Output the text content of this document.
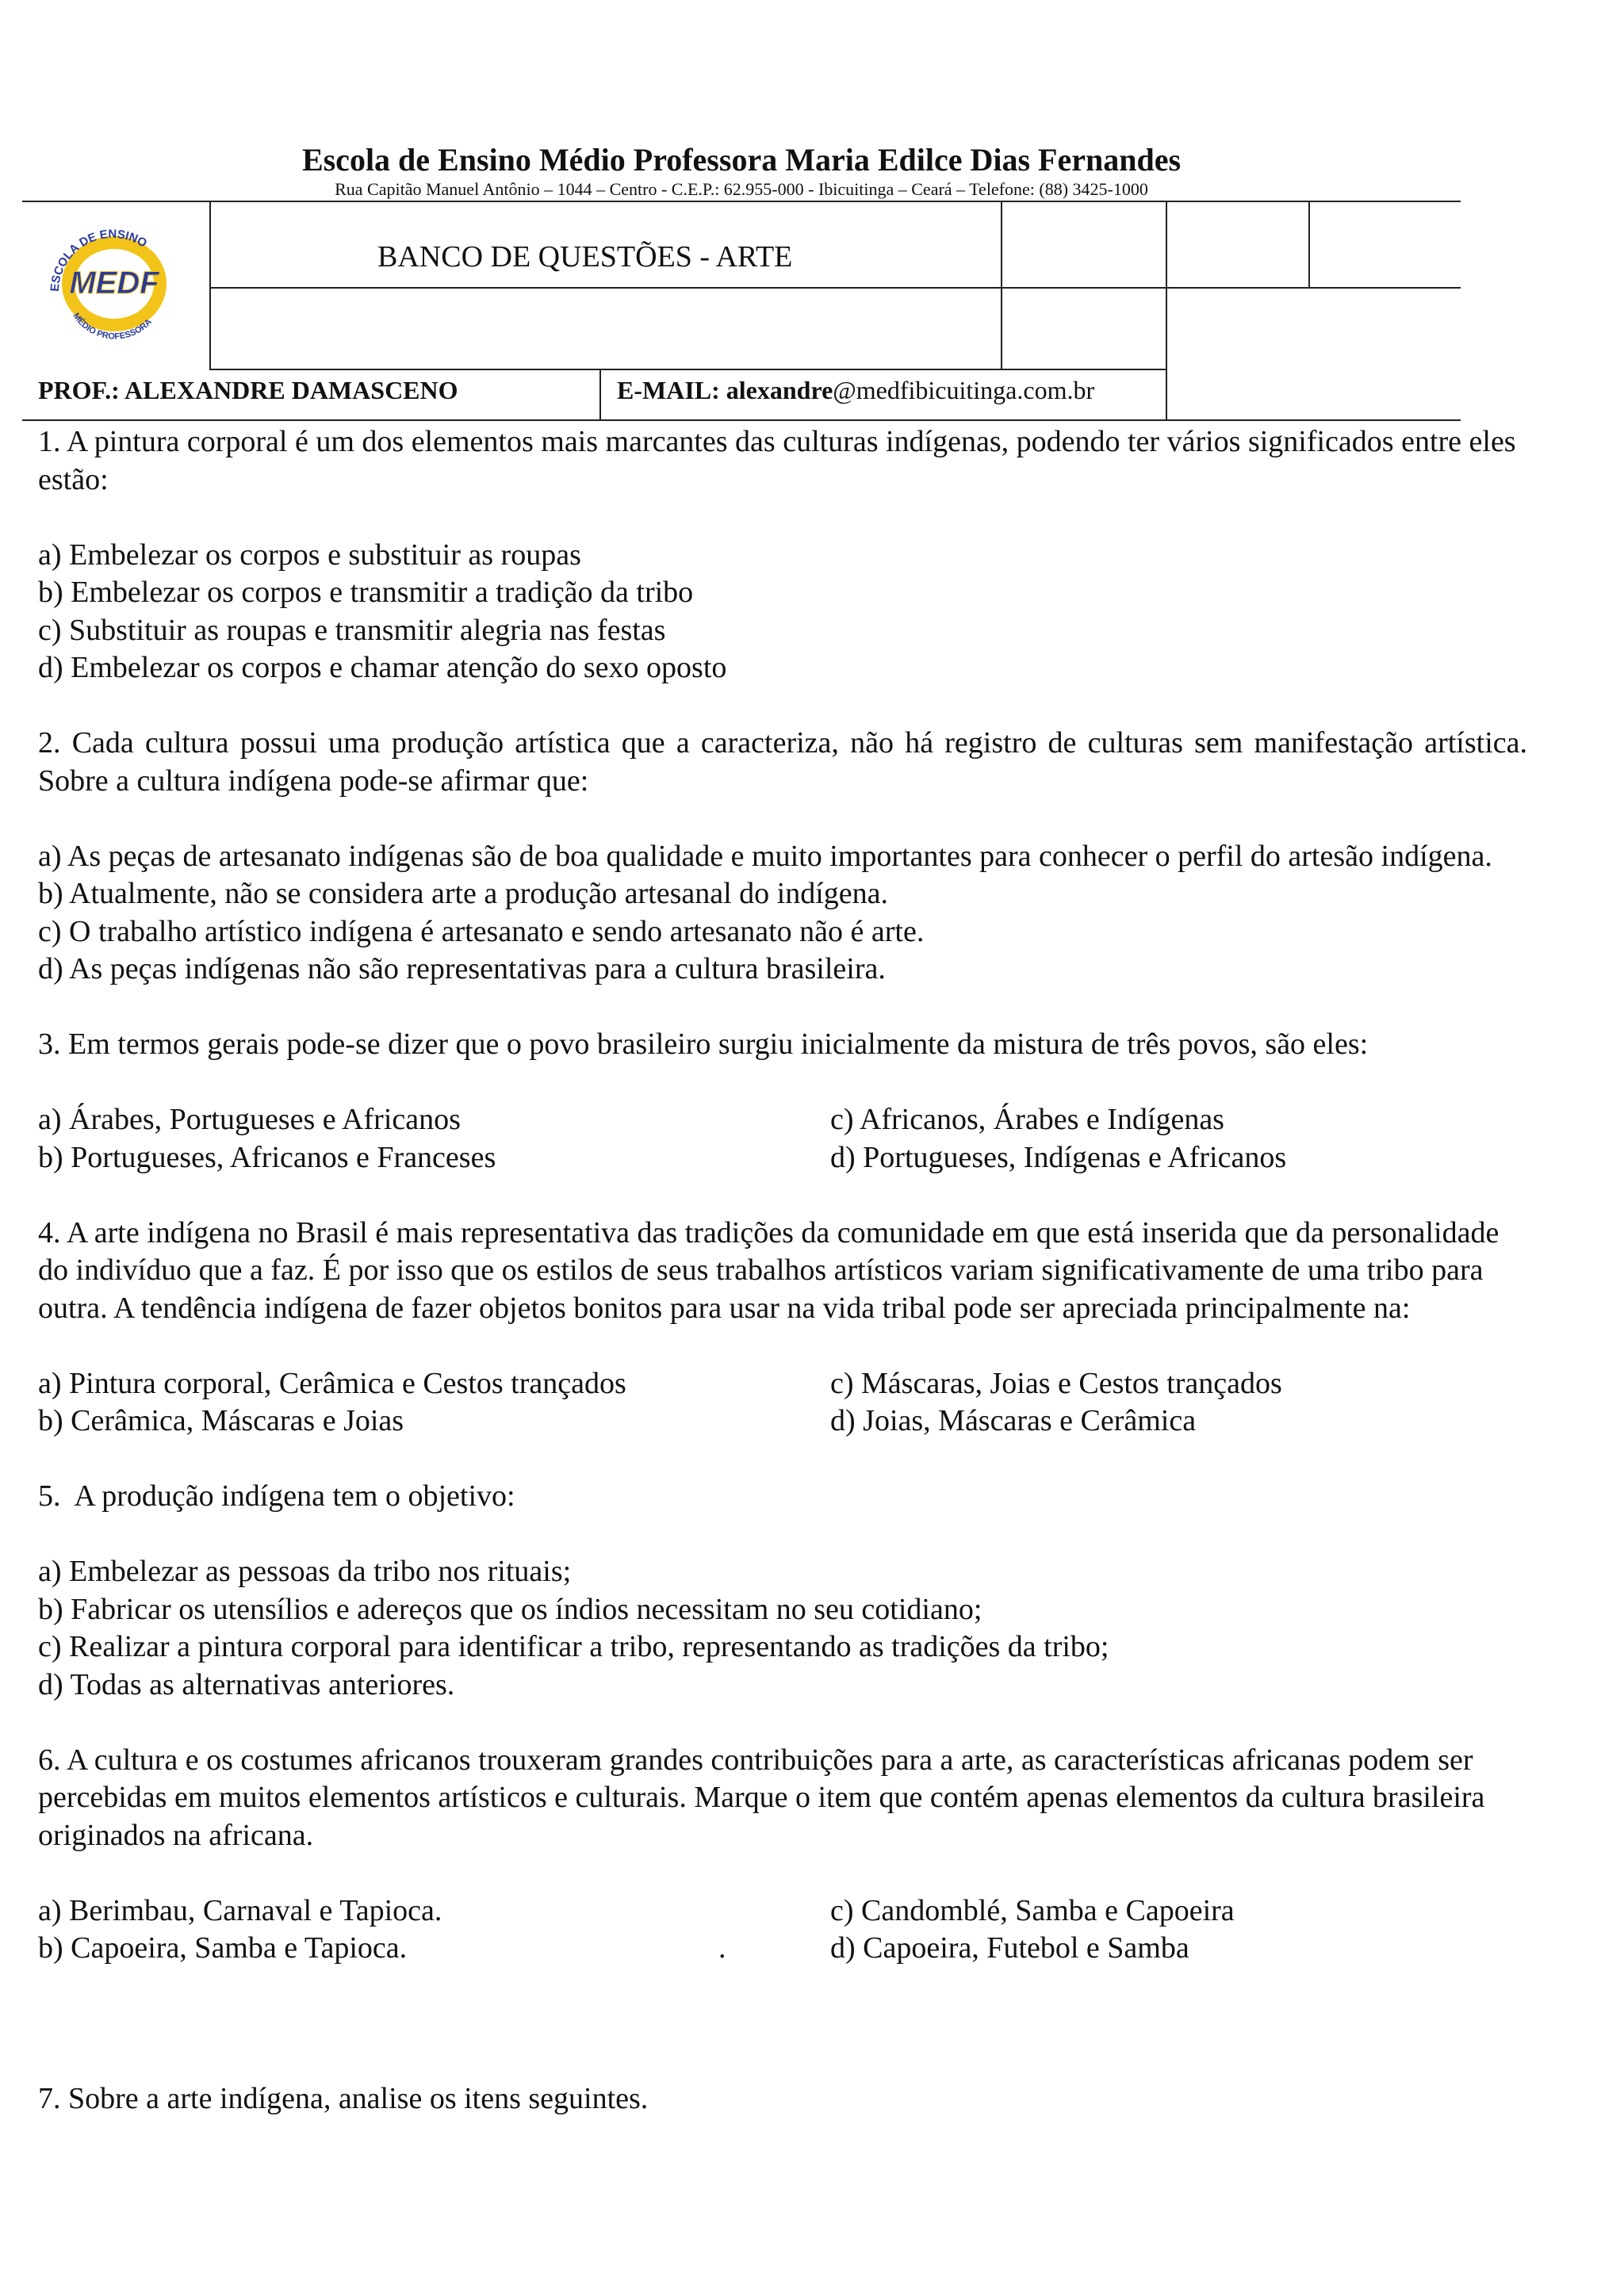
Escola de Ensino Médio Professora Maria Edilce Dias Fernandes
Rua Capitão Manuel Antônio – 1044 – Centro - C.E.P.: 62.955-000 - Ibicuitinga – Ceará – Telefone: (88) 3425-1000
ESCOLA DE ENSINO
MEDF
MÉDIO PROFESSORA
BANCO DE QUESTÕES - ARTE
PROF.: ALEXANDRE DAMASCENO	E-MAIL: alexandre@medfibicuitinga.com.br

1. A pintura corporal é um dos elementos mais marcantes das culturas indígenas, podendo ter vários significados entre eles estão:

a) Embelezar os corpos e substituir as roupas

b) Embelezar os corpos e transmitir a tradição da tribo

c) Substituir as roupas e transmitir alegria nas festas

d) Embelezar os corpos e chamar atenção do sexo oposto

2. Cada cultura possui uma produção artística que a caracteriza, não há registro de culturas sem manifestação artística. Sobre a cultura indígena pode-se afirmar que:

a) As peças de artesanato indígenas são de boa qualidade e muito importantes para conhecer o perfil do artesão indígena.

b) Atualmente, não se considera arte a produção artesanal do indígena.

c) O trabalho artístico indígena é artesanato e sendo artesanato não é arte.

d) As peças indígenas não são representativas para a cultura brasileira.

3. Em termos gerais pode-se dizer que o povo brasileiro surgiu inicialmente da mistura de três povos, são eles:

a) Árabes, Portugueses e Africanos	c) Africanos, Árabes e Indígenas
b) Portugueses, Africanos e Franceses	d) Portugueses, Indígenas e Africanos

4. A arte indígena no Brasil é mais representativa das tradições da comunidade em que está inserida que da personalidade do indivíduo que a faz. É por isso que os estilos de seus trabalhos artísticos variam significativamente de uma tribo para outra. A tendência indígena de fazer objetos bonitos para usar na vida tribal pode ser apreciada principalmente na:

a) Pintura corporal, Cerâmica e Cestos trançados	c) Máscaras, Joias e Cestos trançados
b) Cerâmica, Máscaras e Joias	d) Joias, Máscaras e Cerâmica

5.  A produção indígena tem o objetivo:

a) Embelezar as pessoas da tribo nos rituais;

b) Fabricar os utensílios e adereços que os índios necessitam no seu cotidiano;

c) Realizar a pintura corporal para identificar a tribo, representando as tradições da tribo;

d) Todas as alternativas anteriores.

6. A cultura e os costumes africanos trouxeram grandes contribuições para a arte, as características africanas podem ser percebidas em muitos elementos artísticos e culturais. Marque o item que contém apenas elementos da cultura brasileira originados na africana.

a) Berimbau, Carnaval e Tapioca.	c) Candomblé, Samba e Capoeira
b) Capoeira, Samba e Tapioca.	.	d) Capoeira, Futebol e Samba

7. Sobre a arte indígena, analise os itens seguintes.
